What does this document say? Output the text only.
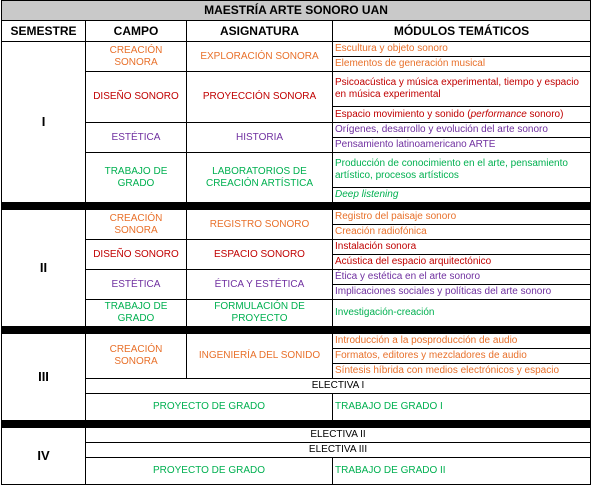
MAESTRÍA ARTE SONORO UAN			
SEMESTRE	CAMPO	ASIGNATURA	MÓDULOS TEMÁTICOS
I	CREACIÓN SONORA	EXPLORACIÓN SONORA	Escultura y objeto sonoro
			Elementos de generación musical
	DISEÑO SONORO	PROYECCIÓN SONORA	Psicoacústica y música experimental, tiempo y espacio en música experimental
			Espacio movimiento y sonido (performance sonoro)
	ESTÉTICA	HISTORIA	Orígenes, desarrollo y evolución del arte sonoro
			Pensamiento latinoamericano ARTE
	TRABAJO DE GRADO	LABORATORIOS DE CREACIÓN ARTÍSTICA	Producción de conocimiento en el arte, pensamiento artístico, procesos artísticos
			Deep listening

II	CREACIÓN SONORA	REGISTRO SONORO	Registro del paisaje sonoro
			Creación radiofónica
	DISEÑO SONORO	ESPACIO SONORO	Instalación sonora
			Acústica del espacio arquitectónico
	ESTÉTICA	ÉTICA Y ESTÉTICA	Ética y estética en el arte sonoro
			Implicaciones sociales y políticas del arte sonoro
	TRABAJO DE GRADO	FORMULACIÓN DE PROYECTO	Investigación-creación

III	CREACIÓN SONORA	INGENIERÍA DEL SONIDO	Introducción a la posproducción de audio
			Formatos, editores y mezcladores de audio
			Síntesis híbrida con medios electrónicos y espacio
	ELECTIVA I		
	PROYECTO DE GRADO		TRABAJO DE GRADO I

IV	ELECTIVA II		
	ELECTIVA III		
	PROYECTO DE GRADO		TRABAJO DE GRADO II
